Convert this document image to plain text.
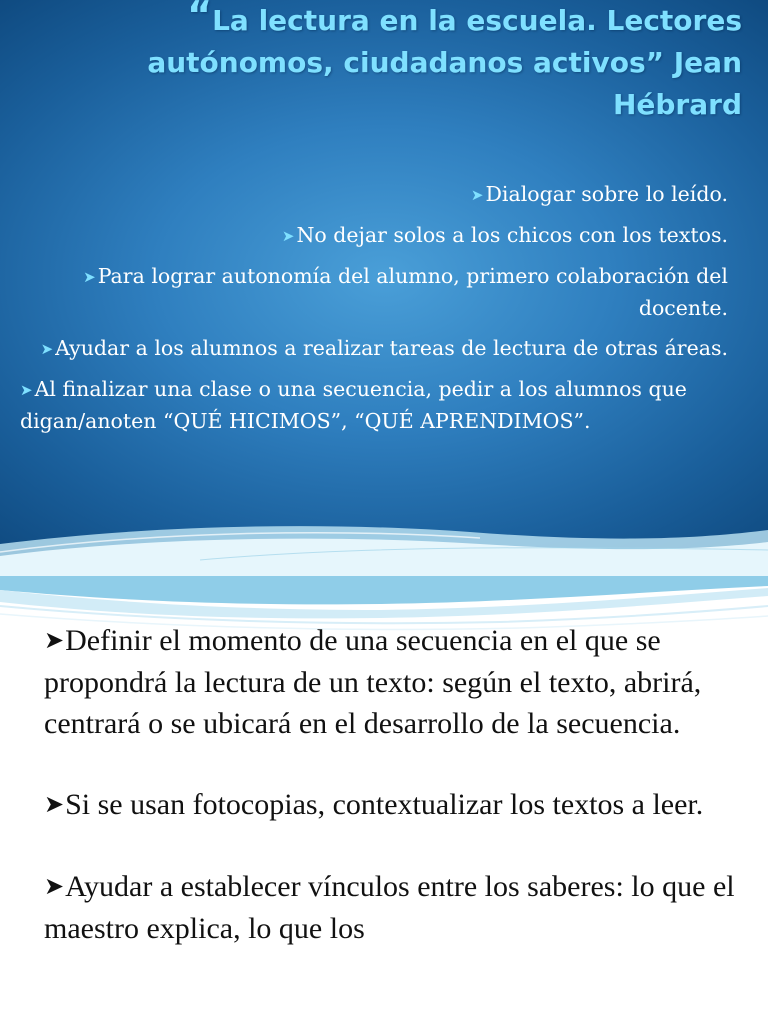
“La lectura en la escuela. Lectores autónomos, ciudadanos activos” Jean Hébrard
➤Dialogar sobre lo leído.
➤No dejar solos a los chicos con los textos.
➤Para lograr autonomía del alumno, primero colaboración del docente.
➤Ayudar a los alumnos a realizar tareas de lectura de otras áreas.
➤Al finalizar una clase o una secuencia, pedir a los alumnos que digan/anoten “QUÉ HICIMOS”, “QUÉ APRENDIMOS”.
➤Definir el momento de una secuencia en el que se propondrá la lectura de un texto: según el texto, abrirá, centrará o se ubicará en el desarrollo de la secuencia.
➤Si se usan fotocopias, contextualizar los textos a leer.
➤Ayudar a establecer vínculos entre los saberes: lo que el maestro explica, lo que los
